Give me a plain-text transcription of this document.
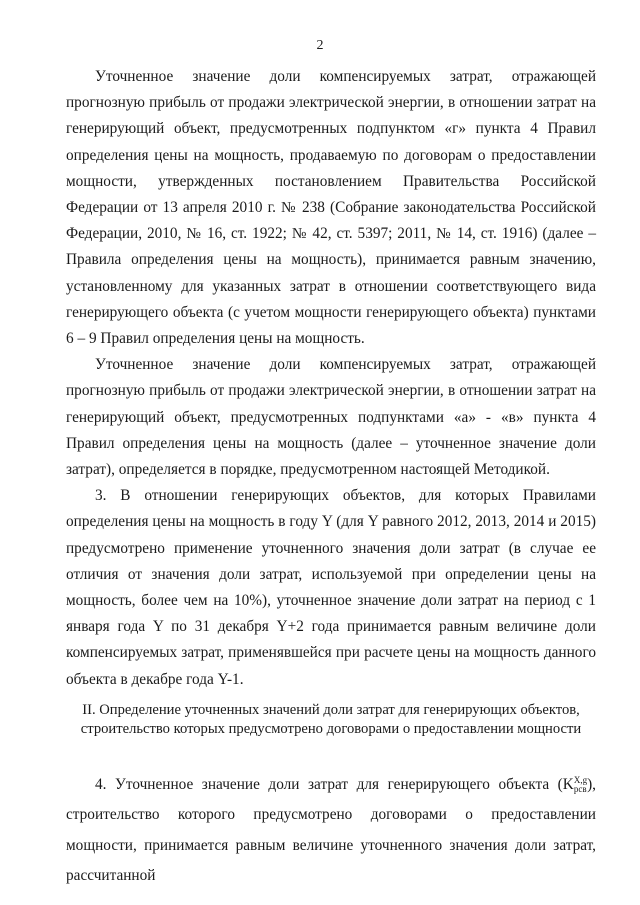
2

Уточненное значение доли компенсируемых затрат, отражающей прогнозную прибыль от продажи электрической энергии, в отношении затрат на генерирующий объект, предусмотренных подпунктом «г» пункта 4 Правил определения цены на мощность, продаваемую по договорам о предоставлении мощности, утвержденных постановлением Правительства Российской Федерации от 13 апреля 2010 г. № 238 (Собрание законодательства Российской Федерации, 2010, № 16, ст. 1922; № 42, ст. 5397; 2011, № 14, ст. 1916) (далее – Правила определения цены на мощность), принимается равным значению, установленному для указанных затрат в отношении соответствующего вида генерирующего объекта (с учетом мощности генерирующего объекта) пунктами 6 – 9 Правил определения цены на мощность.

Уточненное значение доли компенсируемых затрат, отражающей прогнозную прибыль от продажи электрической энергии, в отношении затрат на генерирующий объект, предусмотренных подпунктами «а» - «в» пункта 4 Правил определения цены на мощность (далее – уточненное значение доли затрат), определяется в порядке, предусмотренном настоящей Методикой.

3. В отношении генерирующих объектов, для которых Правилами определения цены на мощность в году Y (для Y равного 2012, 2013, 2014 и 2015) предусмотрено применение уточненного значения доли затрат (в случае ее отличия от значения доли затрат, используемой при определении цены на мощность, более чем на 10%), уточненное значение доли затрат на период с 1 января года Y по 31 декабря Y+2 года принимается равным величине доли компенсируемых затрат, применявшейся при расчете цены на мощность данного объекта в декабре года Y-1.

II. Определение уточненных значений доли затрат для генерирующих объектов,
строительство которых предусмотрено договорами о предоставлении мощности

4. Уточненное значение доли затрат для генерирующего объекта (K X,g
рсв ), строительство которого предусмотрено договорами о предоставлении мощности, принимается равным величине уточненного значения доли затрат, рассчитанной
